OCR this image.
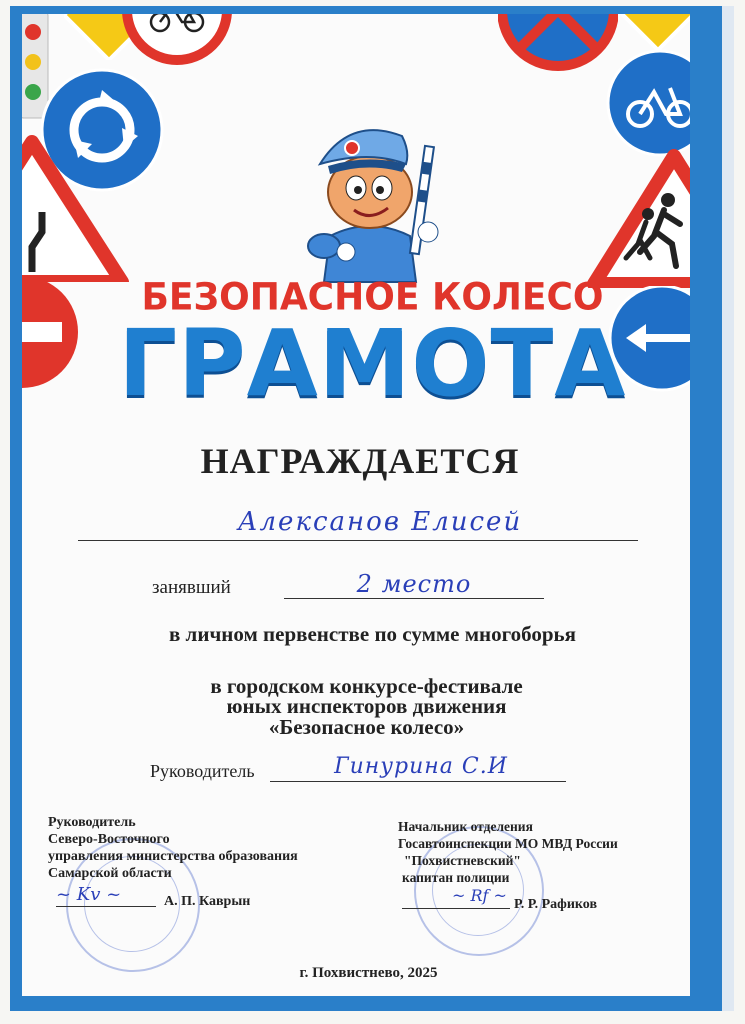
БЕЗОПАСНОЕ КОЛЕСО
ГРАМОТА
НАГРАЖДАЕТСЯ
Алексанов Елисей
занявший	2 место
в личном первенстве по сумме многоборья
в городском конкурсе-фестивале
юных инспекторов движения
«Безопасное колесо»
Руководитель	Гинурина С.И
Руководитель
Северо-Восточного
управления министерства образования
Самарской области
~ Kv ~	А. П. Каврын
Начальник отделения
Госавтоинспекции МО МВД России
"Похвистневский"
капитан полиции
~ Rf ~ Р. Р. Рафиков
г. Похвистнево, 2025
